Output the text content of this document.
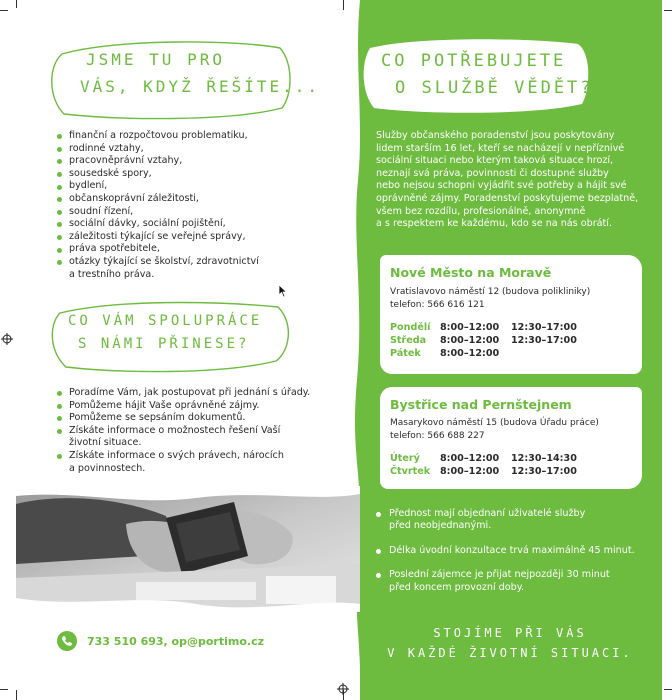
CO POTŘEBUJETE
O SLUŽBĚ VĚDĚT?
Služby občanského poradenství jsou poskytovány
lidem starším 16 let, kteří se nacházejí v nepříznivé
sociální situaci nebo kterým taková situace hrozí,
neznají svá práva, povinnosti či dostupné služby
nebo nejsou schopni vyjádřit své potřeby a hájit své
oprávněné zájmy. Poradenství poskytujeme bezplatně,
všem bez rozdílu, profesionálně, anonymně
a s respektem ke každému, kdo se na nás obrátí.
Nové Město na Moravě
Vratislavovo náměstí 12 (budova polikliniky)
telefon: 566 616 121
Pondělí 8:00–12:00 12:30–17:00
Středa 8:00–12:00 12:30–17:00
Pátek 8:00–12:00
Bystřice nad Pernštejnem
Masarykovo náměstí 15 (budova Úřadu práce)
telefon: 566 688 227
Úterý 8:00–12:00 12:30–14:30
Čtvrtek 8:00–12:00 12:30–17:00
Přednost mají objednaní uživatelé služby
před neobjednanými.
Délka úvodní konzultace trvá maximálně 45 minut.
Poslední zájemce je přijat nejpozději 30 minut
před koncem provozní doby.
STOJÍME PŘI VÁS
V KAŽDÉ ŽIVOTNÍ SITUACI.
JSME TU PRO
VÁS, KDYŽ ŘEŠÍTE...
finanční a rozpočtovou problematiku,
rodinné vztahy,
pracovněprávní vztahy,
sousedské spory,
bydlení,
občanskoprávní záležitosti,
soudní řízení,
sociální dávky, sociální pojištění,
záležitosti týkající se veřejné správy,
práva spotřebitele,
otázky týkající se školství, zdravotnictví
a trestního práva.
CO VÁM SPOLUPRÁCE
S NÁMI PŘINESE?
Poradíme Vám, jak postupovat při jednání s úřady.
Pomůžeme hájit Vaše oprávněné zájmy.
Pomůžeme se sepsáním dokumentů.
Získáte informace o možnostech řešení Vaší
životní situace.
Získáte informace o svých právech, nárocích
a povinnostech.
733 510 693, op@portimo.cz
